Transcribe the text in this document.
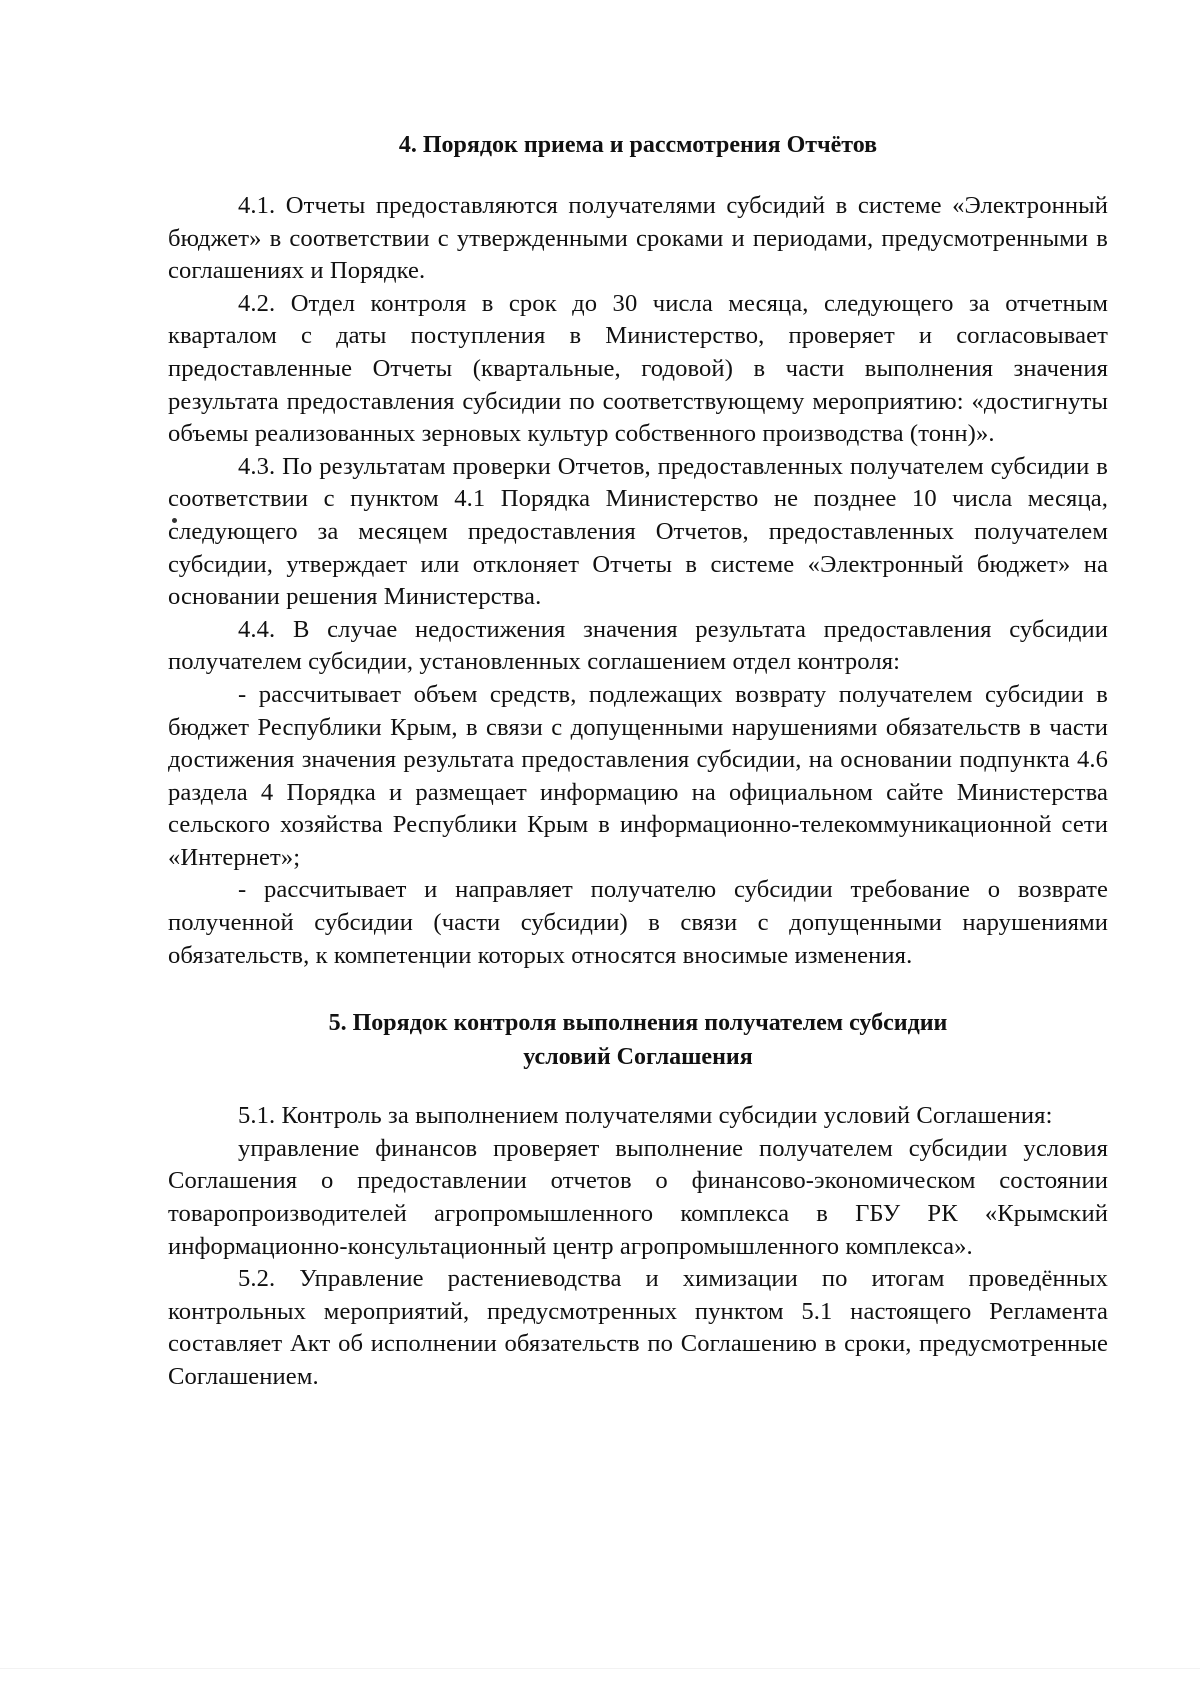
4. Порядок приема и рассмотрения Отчётов

4.1. Отчеты предоставляются получателями субсидий в системе «Электронный бюджет» в соответствии с утвержденными сроками и периодами, предусмотренными в соглашениях и Порядке.

4.2. Отдел контроля в срок до 30 числа месяца, следующего за отчетным кварталом с даты поступления в Министерство, проверяет и согласовывает предоставленные Отчеты (квартальные, годовой) в части выполнения значения результата предоставления субсидии по соответствующему мероприятию: «достигнуты объемы реализованных зерновых культур собственного производства (тонн)».

4.3. По результатам проверки Отчетов, предоставленных получателем субсидии в соответствии с пунктом 4.1 Порядка Министерство не позднее 10 числа месяца, следующего за месяцем предоставления Отчетов, предоставленных получателем субсидии, утверждает или отклоняет Отчеты в системе «Электронный бюджет» на основании решения Министерства.

4.4. В случае недостижения значения результата предоставления субсидии получателем субсидии, установленных соглашением отдел контроля:

- рассчитывает объем средств, подлежащих возврату получателем субсидии в бюджет Республики Крым, в связи с допущенными нарушениями обязательств в части достижения значения результата предоставления субсидии, на основании подпункта 4.6 раздела 4 Порядка и размещает информацию на официальном сайте Министерства сельского хозяйства Республики Крым в информационно-телекоммуникационной сети «Интернет»;

- рассчитывает и направляет получателю субсидии требование о возврате полученной субсидии (части субсидии) в связи с допущенными нарушениями обязательств, к компетенции которых относятся вносимые изменения.

5. Порядок контроля выполнения получателем субсидии
условий Соглашения

5.1. Контроль за выполнением получателями субсидии условий Соглашения:

управление финансов проверяет выполнение получателем субсидии условия Соглашения о предоставлении отчетов о финансово-экономическом состоянии товаропроизводителей агропромышленного комплекса в ГБУ РК «Крымский информационно-консультационный центр агропромышленного комплекса».

5.2. Управление растениеводства и химизации по итогам проведённых контрольных мероприятий, предусмотренных пунктом 5.1 настоящего Регламента составляет Акт об исполнении обязательств по Соглашению в сроки, предусмотренные Соглашением.
